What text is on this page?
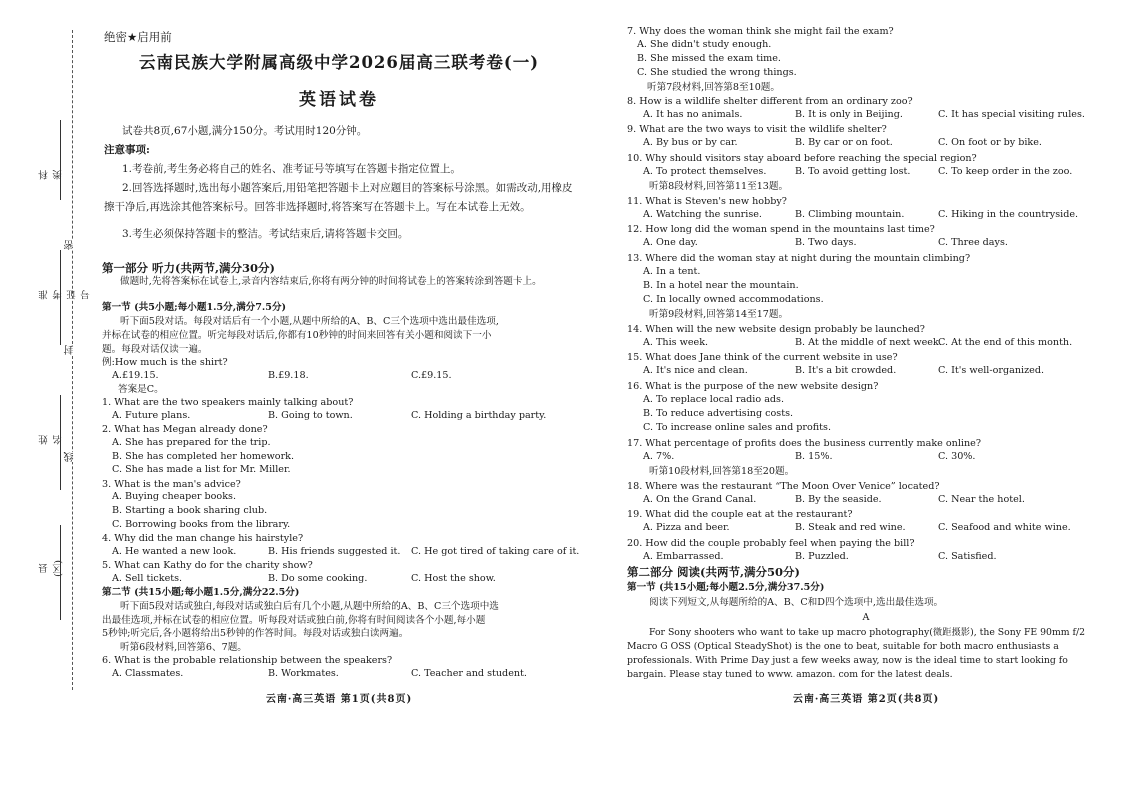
科类
准考证号
姓名
县(区)
密
封
线
绝密★启用前
云南民族大学附属高级中学2026届高三联考卷(一)
英语试卷
试卷共8页,67小题,满分150分。考试用时120分钟。
注意事项:
1.考卷前,考生务必将自己的姓名、准考证号等填写在答题卡指定位置上。
2.回答选择题时,选出每小题答案后,用铅笔把答题卡上对应题目的答案标号涂黑。如需改动,用橡皮擦干净后,再选涂其他答案标号。回答非选择题时,将答案写在答题卡上。写在本试卷上无效。
3.考生必须保持答题卡的整洁。考试结束后,请将答题卡交回。
第一部分 听力(共两节,满分30分)
做题时,先将答案标在试卷上,录音内容结束后,你将有两分钟的时间将试卷上的答案转涂到答题卡上。
第一节 (共5小题;每小题1.5分,满分7.5分)
听下面5段对话。每段对话后有一个小题,从题中所给的A、B、C三个选项中选出最佳选项,
并标在试卷的相应位置。听完每段对话后,你都有10秒钟的时间来回答有关小题和阅读下一小
题。每段对话仅读一遍。
例:How much is the shirt?
A.£19.15.	B.£9.18.	C.£9.15.
答案是C。
1. What are the two speakers mainly talking about?
A. Future plans.	B. Going to town.	C. Holding a birthday party.
2. What has Megan already done?
A. She has prepared for the trip.
B. She has completed her homework.
C. She has made a list for Mr. Miller.
3. What is the man's advice?
A. Buying cheaper books.
B. Starting a book sharing club.
C. Borrowing books from the library.
4. Why did the man change his hairstyle?
A. He wanted a new look.	B. His friends suggested it. C. He got tired of taking care of it.
5. What can Kathy do for the charity show?
A. Sell tickets.	B. Do some cooking.	C. Host the show.
第二节 (共15小题;每小题1.5分,满分22.5分)
听下面5段对话或独白,每段对话或独白后有几个小题,从题中所给的A、B、C三个选项中选
出最佳选项,并标在试卷的相应位置。听每段对话或独白前,你将有时间阅读各个小题,每小题
5秒钟;听完后,各小题将给出5秒钟的作答时间。每段对话或独白读两遍。
听第6段材料,回答第6、7题。
6. What is the probable relationship between the speakers?
A. Classmates.	B. Workmates.	C. Teacher and student.
云南·高三英语 第1页(共8页)
7. Why does the woman think she might fail the exam?
A. She didn't study enough.
B. She missed the exam time.
C. She studied the wrong things.
听第7段材料,回答第8至10题。
8. How is a wildlife shelter different from an ordinary zoo?
A. It has no animals.	B. It is only in Beijing.	C. It has special visiting rules.
9. What are the two ways to visit the wildlife shelter?
A. By bus or by car.	B. By car or on foot.	C. On foot or by bike.
10. Why should visitors stay aboard before reaching the special region?
A. To protect themselves.	B. To avoid getting lost.	C. To keep order in the zoo.
听第8段材料,回答第11至13题。
11. What is Steven's new hobby?
A. Watching the sunrise.	B. Climbing mountain.	C. Hiking in the countryside.
12. How long did the woman spend in the mountains last time?
A. One day.	B. Two days.	C. Three days.
13. Where did the woman stay at night during the mountain climbing?
A. In a tent.
B. In a hotel near the mountain.
C. In locally owned accommodations.
听第9段材料,回答第14至17题。
14. When will the new website design probably be launched?
A. This week.	B. At the middle of next week.
C. At the end of this month.
15. What does Jane think of the current website in use?
A. It's nice and clean.	B. It's a bit crowded.	C. It's well-organized.
16. What is the purpose of the new website design?
A. To replace local radio ads.
B. To reduce advertising costs.
C. To increase online sales and profits.
17. What percentage of profits does the business currently make online?
A. 7%.	B. 15%.	C. 30%.
听第10段材料,回答第18至20题。
18. Where was the restaurant “The Moon Over Venice” located?
A. On the Grand Canal.	B. By the seaside.	C. Near the hotel.
19. What did the couple eat at the restaurant?
A. Pizza and beer.	B. Steak and red wine.	C. Seafood and white wine.
20. How did the couple probably feel when paying the bill?
A. Embarrassed.	B. Puzzled.	C. Satisfied.
第二部分 阅读(共两节,满分50分)
第一节 (共15小题;每小题2.5分,满分37.5分)
阅读下列短文,从每题所给的A、B、C和D四个选项中,选出最佳选项。
A
For Sony shooters who want to take up macro photography(微距摄影), the Sony FE 90mm f/2
Macro G OSS (Optical SteadyShot) is the one to beat, suitable for both macro enthusiasts a
professionals. With Prime Day just a few weeks away, now is the ideal time to start looking fo
bargain. Please stay tuned to www. amazon. com for the latest deals.
云南·高三英语 第2页(共8页)
